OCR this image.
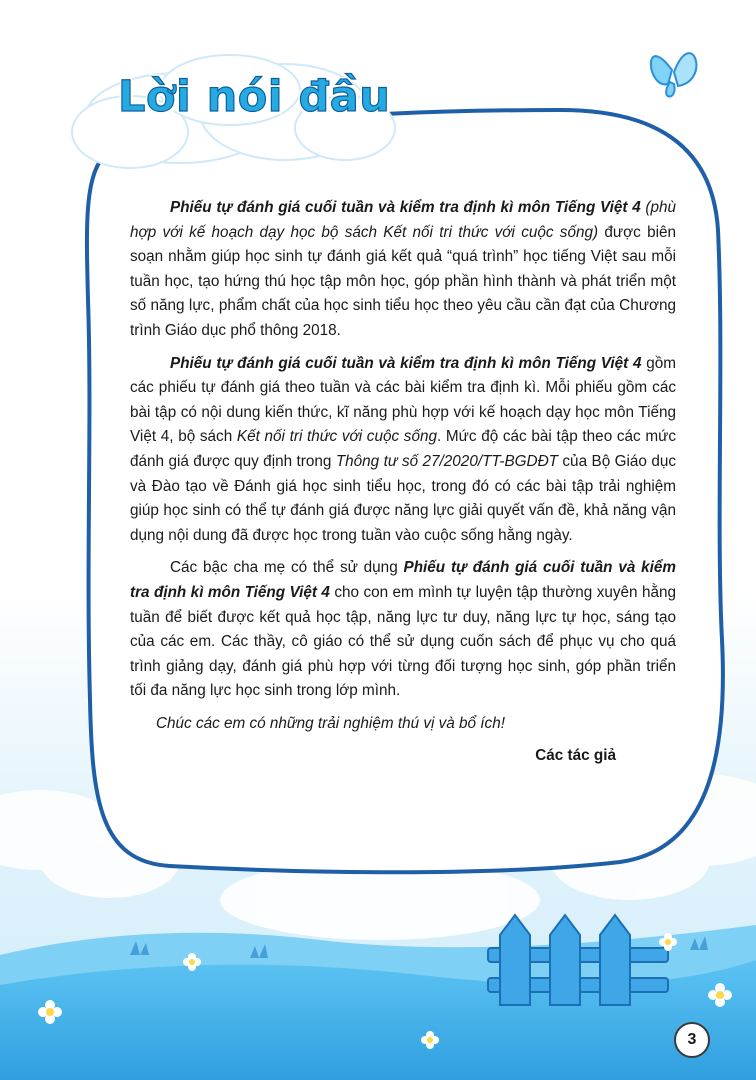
Lời nói đầu

Phiếu tự đánh giá cuối tuần và kiểm tra định kì môn Tiếng Việt 4 (phù hợp với kế hoạch dạy học bộ sách Kết nối tri thức với cuộc sống) được biên soạn nhằm giúp học sinh tự đánh giá kết quả “quá trình” học tiếng Việt sau mỗi tuần học, tạo hứng thú học tập môn học, góp phần hình thành và phát triển một số năng lực, phẩm chất của học sinh tiểu học theo yêu cầu cần đạt của Chương trình Giáo dục phổ thông 2018.

Phiếu tự đánh giá cuối tuần và kiểm tra định kì môn Tiếng Việt 4 gồm các phiếu tự đánh giá theo tuần và các bài kiểm tra định kì. Mỗi phiếu gồm các bài tập có nội dung kiến thức, kĩ năng phù hợp với kế hoạch dạy học môn Tiếng Việt 4, bộ sách Kết nối tri thức với cuộc sống. Mức độ các bài tập theo các mức đánh giá được quy định trong Thông tư số 27/2020/TT-BGDĐT của Bộ Giáo dục và Đào tạo về Đánh giá học sinh tiểu học, trong đó có các bài tập trải nghiệm giúp học sinh có thể tự đánh giá được năng lực giải quyết vấn đề, khả năng vận dụng nội dung đã được học trong tuần vào cuộc sống hằng ngày.

Các bậc cha mẹ có thể sử dụng Phiếu tự đánh giá cuối tuần và kiểm tra định kì môn Tiếng Việt 4 cho con em mình tự luyện tập thường xuyên hằng tuần để biết được kết quả học tập, năng lực tư duy, năng lực tự học, sáng tạo của các em. Các thầy, cô giáo có thể sử dụng cuốn sách để phục vụ cho quá trình giảng dạy, đánh giá phù hợp với từng đối tượng học sinh, góp phần triển tối đa năng lực học sinh trong lớp mình.

Chúc các em có những trải nghiệm thú vị và bổ ích!

Các tác giả

3
